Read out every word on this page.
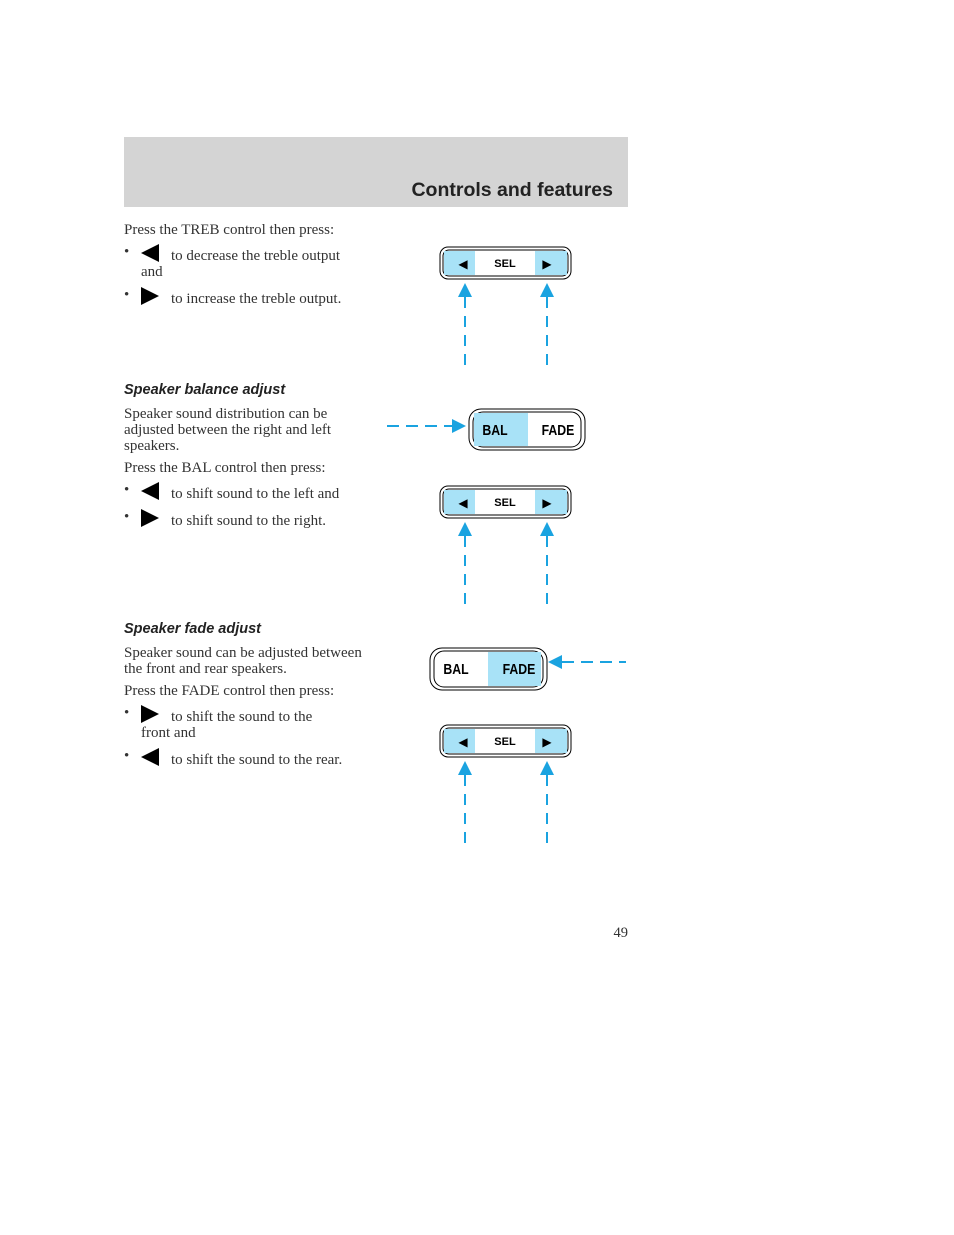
Controls and features

Press the TREB control then press:

•	to decrease the treble output
and
•	to increase the treble output.
Speaker balance adjust

Speaker sound distribution can be adjusted between the right and left speakers.

Press the BAL control then press:

•	to shift sound to the left and
•	to shift sound to the right.
Speaker fade adjust

Speaker sound can be adjusted between the front and rear speakers.

Press the FADE control then press:

•	to shift the sound to the
front and
•	to shift the sound to the rear.
◀ SEL ▶
BAL FADE
◀ SEL ▶
BAL FADE
◀ SEL ▶

49
